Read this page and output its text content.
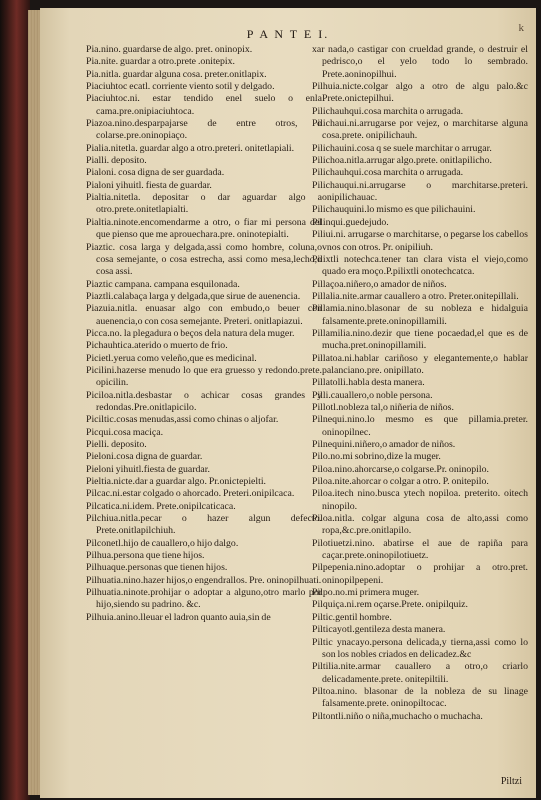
P A N T E I.	k

Pia.nino. guardarse de algo. pret. oninopix.

Pia.nite. guardar a otro.prete .onitepix.

Pia.nitla. guardar alguna cosa. preter.onitlapix.

Piaciuhtoc ecatl. corriente viento sotil y delgado.

Piaciuhtoc.ni. estar tendido enel suelo o enla cama.pre.onipiaciuhtoca.

Piazoa.nino.desparpajarse de entre otros, o colarse.pre.oninopiaço.

Pialia.nitetla. guardar algo a otro.preteri. onitetlapiali.

Pialli. deposito.

Pialoni. cosa digna de ser guardada.

Pialoni yihuitl. fiesta de guardar.

Pialtia.nitetla. depositar o dar aguardar algo a otro.prete.onitetlapialti.

Pialtia.ninote.encomendarme a otro, o fiar mi persona del que pienso que me aprouechara.pre. oninotepialti.

Piaztic. cosa larga y delgada,assi como hombre, coluna,o cosa semejante, o cosa estrecha, assi como mesa,lecho,o cosa assi.

Piaztic campana. campana esquilonada.

Piaztli.calabaça larga y delgada,que sirue de auenencia.

Piazuia.nitla. enuasar algo con embudo,o beuer con auenencia,o con cosa semejante. Preteri. onitlapiazui.

Picca.no. la plegadura o beços dela natura dela muger.

Pichauhtica.aterido o muerto de frio.

Picietl.yerua como veleño,que es medicinal.

Picilini.hazerse menudo lo que era gruesso y redondo.prete. opicilin.

Piciloa.nitla.desbastar o achicar cosas grandes y redondas.Pre.onitlapicilo.

Piciltic.cosas menudas,assi como chinas o aljofar.

Picqui.cosa maciça.

Pielli. deposito.

Pieloni.cosa digna de guardar.

Pieloni yihuitl.fiesta de guardar.

Pieltia.nicte.dar a guardar algo. Pr.onictepielti.

Pilcac.ni.estar colgado o ahorcado. Preteri.onipilcaca.

Pilcatica.ni.idem. Prete.onipilcaticaca.

Pilchiua.nitla.pecar o hazer algun defecto. Prete.onitlapilchiuh.

Pilconetl.hijo de cauallero,o hijo dalgo.

Pilhua.persona que tiene hijos.

Pilhuaque.personas que tienen hijos.

Pilhuatia.nino.hazer hijos,o engendrallos. Pre. oninopilhuati.

Pilhuatia.ninote.prohijar o adoptar a alguno,otro marlo por hijo,siendo su padrino. &c.

Pilhuia.anino.lleuar el ladron quanto auia,sin de

xar nada,o castigar con crueldad grande, o destruir el pedrisco,o el yelo todo lo sembrado. Prete.aoninopilhui.

Pilhuia.nicte.colgar algo a otro de algu palo.&c Prete.onictepilhui.

Pilichauhqui.cosa marchita o arrugada.

Pilichaui.ni.arrugarse por vejez, o marchitarse alguna cosa.prete. onipilichauh.

Pilichauini.cosa q se suele marchitar o arrugar.

Pilichoa.nitla.arrugar algo.prete. onitlapilicho.

Pilichauhqui.cosa marchita o arrugada.

Pilichauqui.ni.arrugarse o marchitarse.preteri. onipilichauac.

Pilichauquini.lo mismo es que pilichauini.

Pilinqui.guedejudo.

Piliui.ni. arrugarse o marchitarse, o pegarse los cabellos vnos con otros. Pr. onipiliuh.

Pilixtli notechca.tener tan clara vista el viejo,como quado era moço.P.pilixtli onotechcatca.

Pillaçoa.niñero,o amador de niños.

Pillalia.nite.armar cauallero a otro. Preter.onitepillali.

Pillamia.nino.blasonar de su nobleza e hidalguia falsamente.prete.oninopillamili.

Pillamilia.nino.dezir que tiene pocaedad,el que es de mucha.pret.oninopillamili.

Pillatoa.ni.hablar cariñoso y elegantemente,o hablar palanciano.pre. onipillato.

Pillatolli.habla desta manera.

Pilli.cauallero,o noble persona.

Pillotl.nobleza tal,o niñeria de niños.

Pilnequi.nino.lo mesmo es que pillamia.preter. oninopilnec.

Pilnequini.niñero,o amador de niños.

Pilo.no.mi sobrino,dize la muger.

Piloa.nino.ahorcarse,o colgarse.Pr. oninopilo.

Piloa.nite.ahorcar o colgar a otro. P. onitepilo.

Piloa.itech nino.busca ytech nopiloa. preterito. oitech ninopilo.

Piloa.nitla. colgar alguna cosa de alto,assi como ropa,&c.pre.onitlapilo.

Pilotiuetzi.nino. abatirse el aue de rapiña para caçar.prete.oninopilotiuetz.

Pilpepenia.nino.adoptar o prohijar a otro.pret. oninopilpepeni.

Pilpo.no.mi primera muger.

Pilquiça.ni.rem oçarse.Prete. onipilquiz.

Piltic.gentil hombre.

Pilticayotl.gentileza desta manera.

Piltic ynacayo.persona delicada,y tierna,assi como lo son los nobles criados en delicadez.&c

Piltilia.nite.armar cauallero a otro,o criarlo delicadamente.prete. onitepiltili.

Piltoa.nino. blasonar de la nobleza de su linage falsamente.prete. oninopiltocac.

Piltontli.niño o niña,muchacho o muchacha.

Piltzi
